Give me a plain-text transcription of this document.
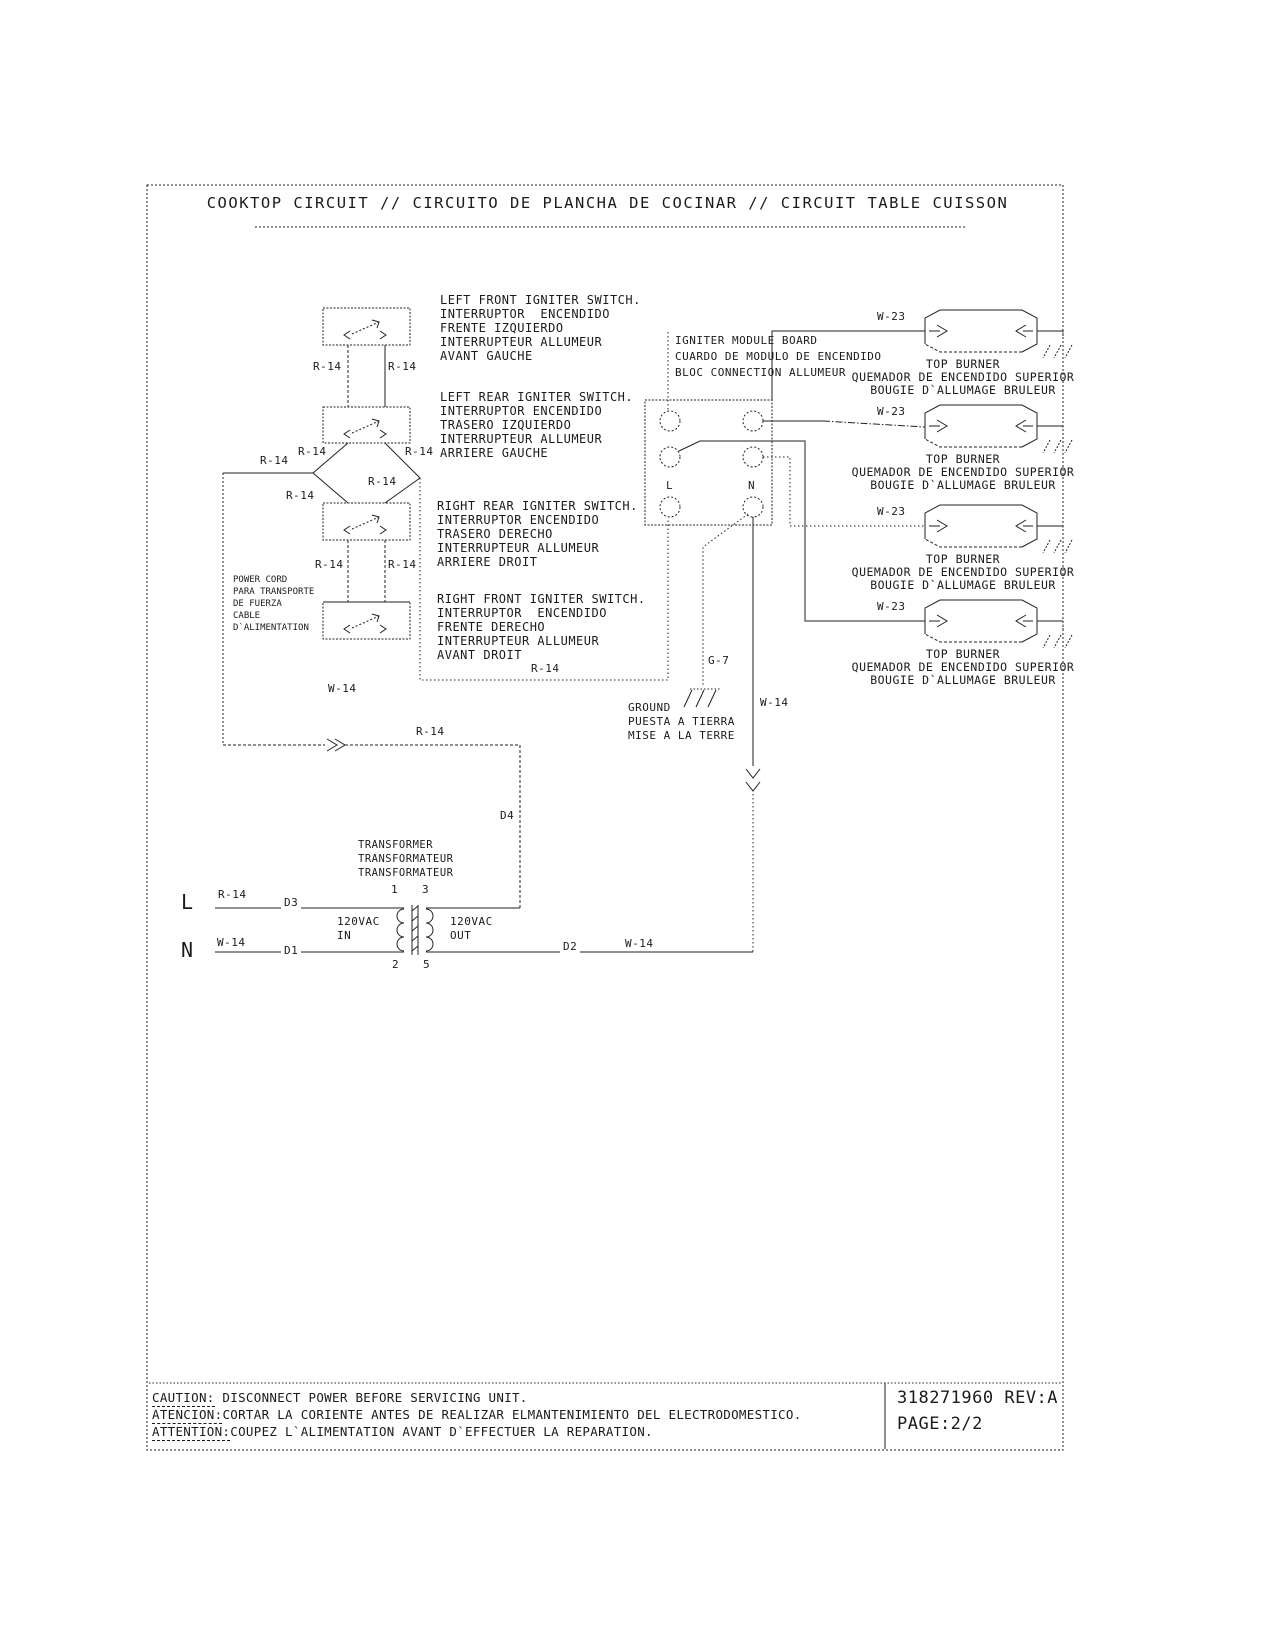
COOKTOP CIRCUIT // CIRCUITO DE PLANCHA DE COCINAR // CIRCUIT TABLE CUISSON
LEFT FRONT IGNITER SWITCH.
INTERRUPTOR  ENCENDIDO
FRENTE IZQUIERDO
INTERRUPTEUR ALLUMEUR
AVANT GAUCHE
LEFT REAR IGNITER SWITCH.
INTERRUPTOR ENCENDIDO
TRASERO IZQUIERDO
INTERRUPTEUR ALLUMEUR
ARRIERE GAUCHE
RIGHT REAR IGNITER SWITCH.
INTERRUPTOR ENCENDIDO
TRASERO DERECHO
INTERRUPTEUR ALLUMEUR
ARRIERE DROIT
RIGHT FRONT IGNITER SWITCH.
INTERRUPTOR  ENCENDIDO
FRENTE DERECHO
INTERRUPTEUR ALLUMEUR
AVANT DROIT
IGNITER MODULE BOARD
CUARDO DE MODULO DE ENCENDIDO
BLOC CONNECTION ALLUMEUR
L	N
TOP BURNER
QUEMADOR DE ENCENDIDO SUPERIOR
BOUGIE D`ALLUMAGE BRULEUR
TOP BURNER
QUEMADOR DE ENCENDIDO SUPERIOR
BOUGIE D`ALLUMAGE BRULEUR
TOP BURNER
QUEMADOR DE ENCENDIDO SUPERIOR
BOUGIE D`ALLUMAGE BRULEUR
TOP BURNER
QUEMADOR DE ENCENDIDO SUPERIOR
BOUGIE D`ALLUMAGE BRULEUR
W-23
W-23
W-23
W-23
R-14	R-14
R-14
R-14	R-14
R-14
R-14
R-14	R-14
R-14
R-14
R-14
W-14
W-14
W-14	W-14
G-7
GROUND
PUESTA A TIERRA
MISE A LA TERRE
POWER CORD
PARA TRANSPORTE
DE FUERZA
CABLE
D`ALIMENTATION
TRANSFORMER
TRANSFORMATEUR
TRANSFORMATEUR
D4
L
N
D3
D1	D2
120VAC
IN
120VAC
OUT
1 3
2 5
CAUTION: DISCONNECT POWER BEFORE SERVICING UNIT.
ATENCION:CORTAR LA CORIENTE ANTES DE REALIZAR ELMANTENIMIENTO DEL ELECTRODOMESTICO.
ATTENTION:COUPEZ L`ALIMENTATION AVANT D`EFFECTUER LA REPARATION.
318271960 REV:A
PAGE:2/2
